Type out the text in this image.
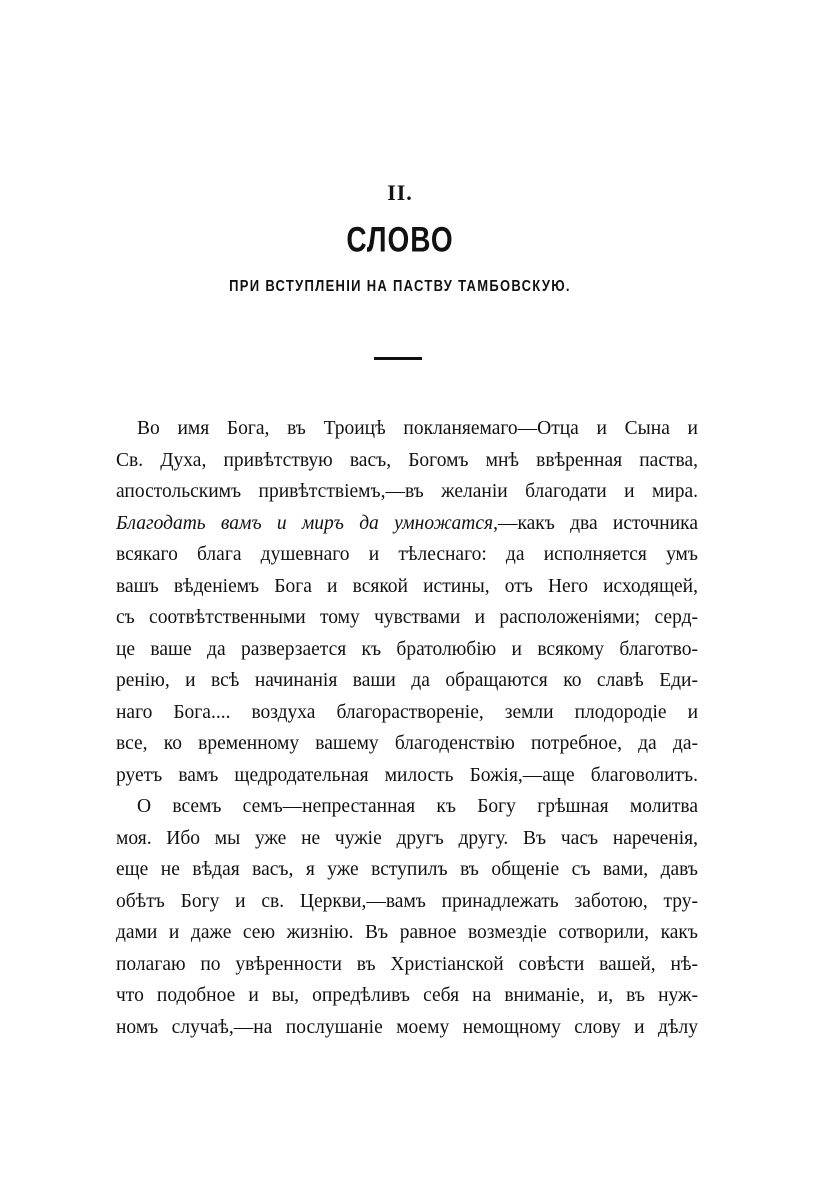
II.
СЛОВО
ПРИ ВСТУПЛЕНІИ НА ПАСТВУ ТАМБОВСКУЮ.
Во имя Бога, въ Троицѣ покланяемаго—Отца и Сына и
Св. Духа, привѣтствую васъ, Богомъ мнѣ ввѣренная паства,
апостольскимъ привѣтствіемъ,—въ желаніи благодати и мира.
Благодать вамъ и миръ да умножатся,—какъ два источника
всякаго блага душевнаго и тѣлеснаго: да исполняется умъ
вашъ вѣденіемъ Бога и всякой истины, отъ Него исходящей,
съ соотвѣтственными тому чувствами и расположеніями; серд-
це ваше да разверзается къ братолюбію и всякому благотво-
ренію, и всѣ начинанія ваши да обращаются ко славѣ Еди-
наго Бога.... воздуха благораствореніе, земли плодородіе и
все, ко временному вашему благоденствію потребное, да да-
руетъ вамъ щедродательная милость Божія,—аще благоволитъ.
О всемъ семъ—непрестанная къ Богу грѣшная молитва
моя. Ибо мы уже не чужіе другъ другу. Въ часъ нареченія,
еще не вѣдая васъ, я уже вступилъ въ общеніе съ вами, давъ
обѣтъ Богу и св. Церкви,—вамъ принадлежать заботою, тру-
дами и даже сею жизнію. Въ равное возмездіе сотворили, какъ
полагаю по увѣренности въ Христіанской совѣсти вашей, нѣ-
что подобное и вы, опредѣливъ себя на вниманіе, и, въ нуж-
номъ случаѣ,—на послушаніе моему немощному слову и дѣлу
